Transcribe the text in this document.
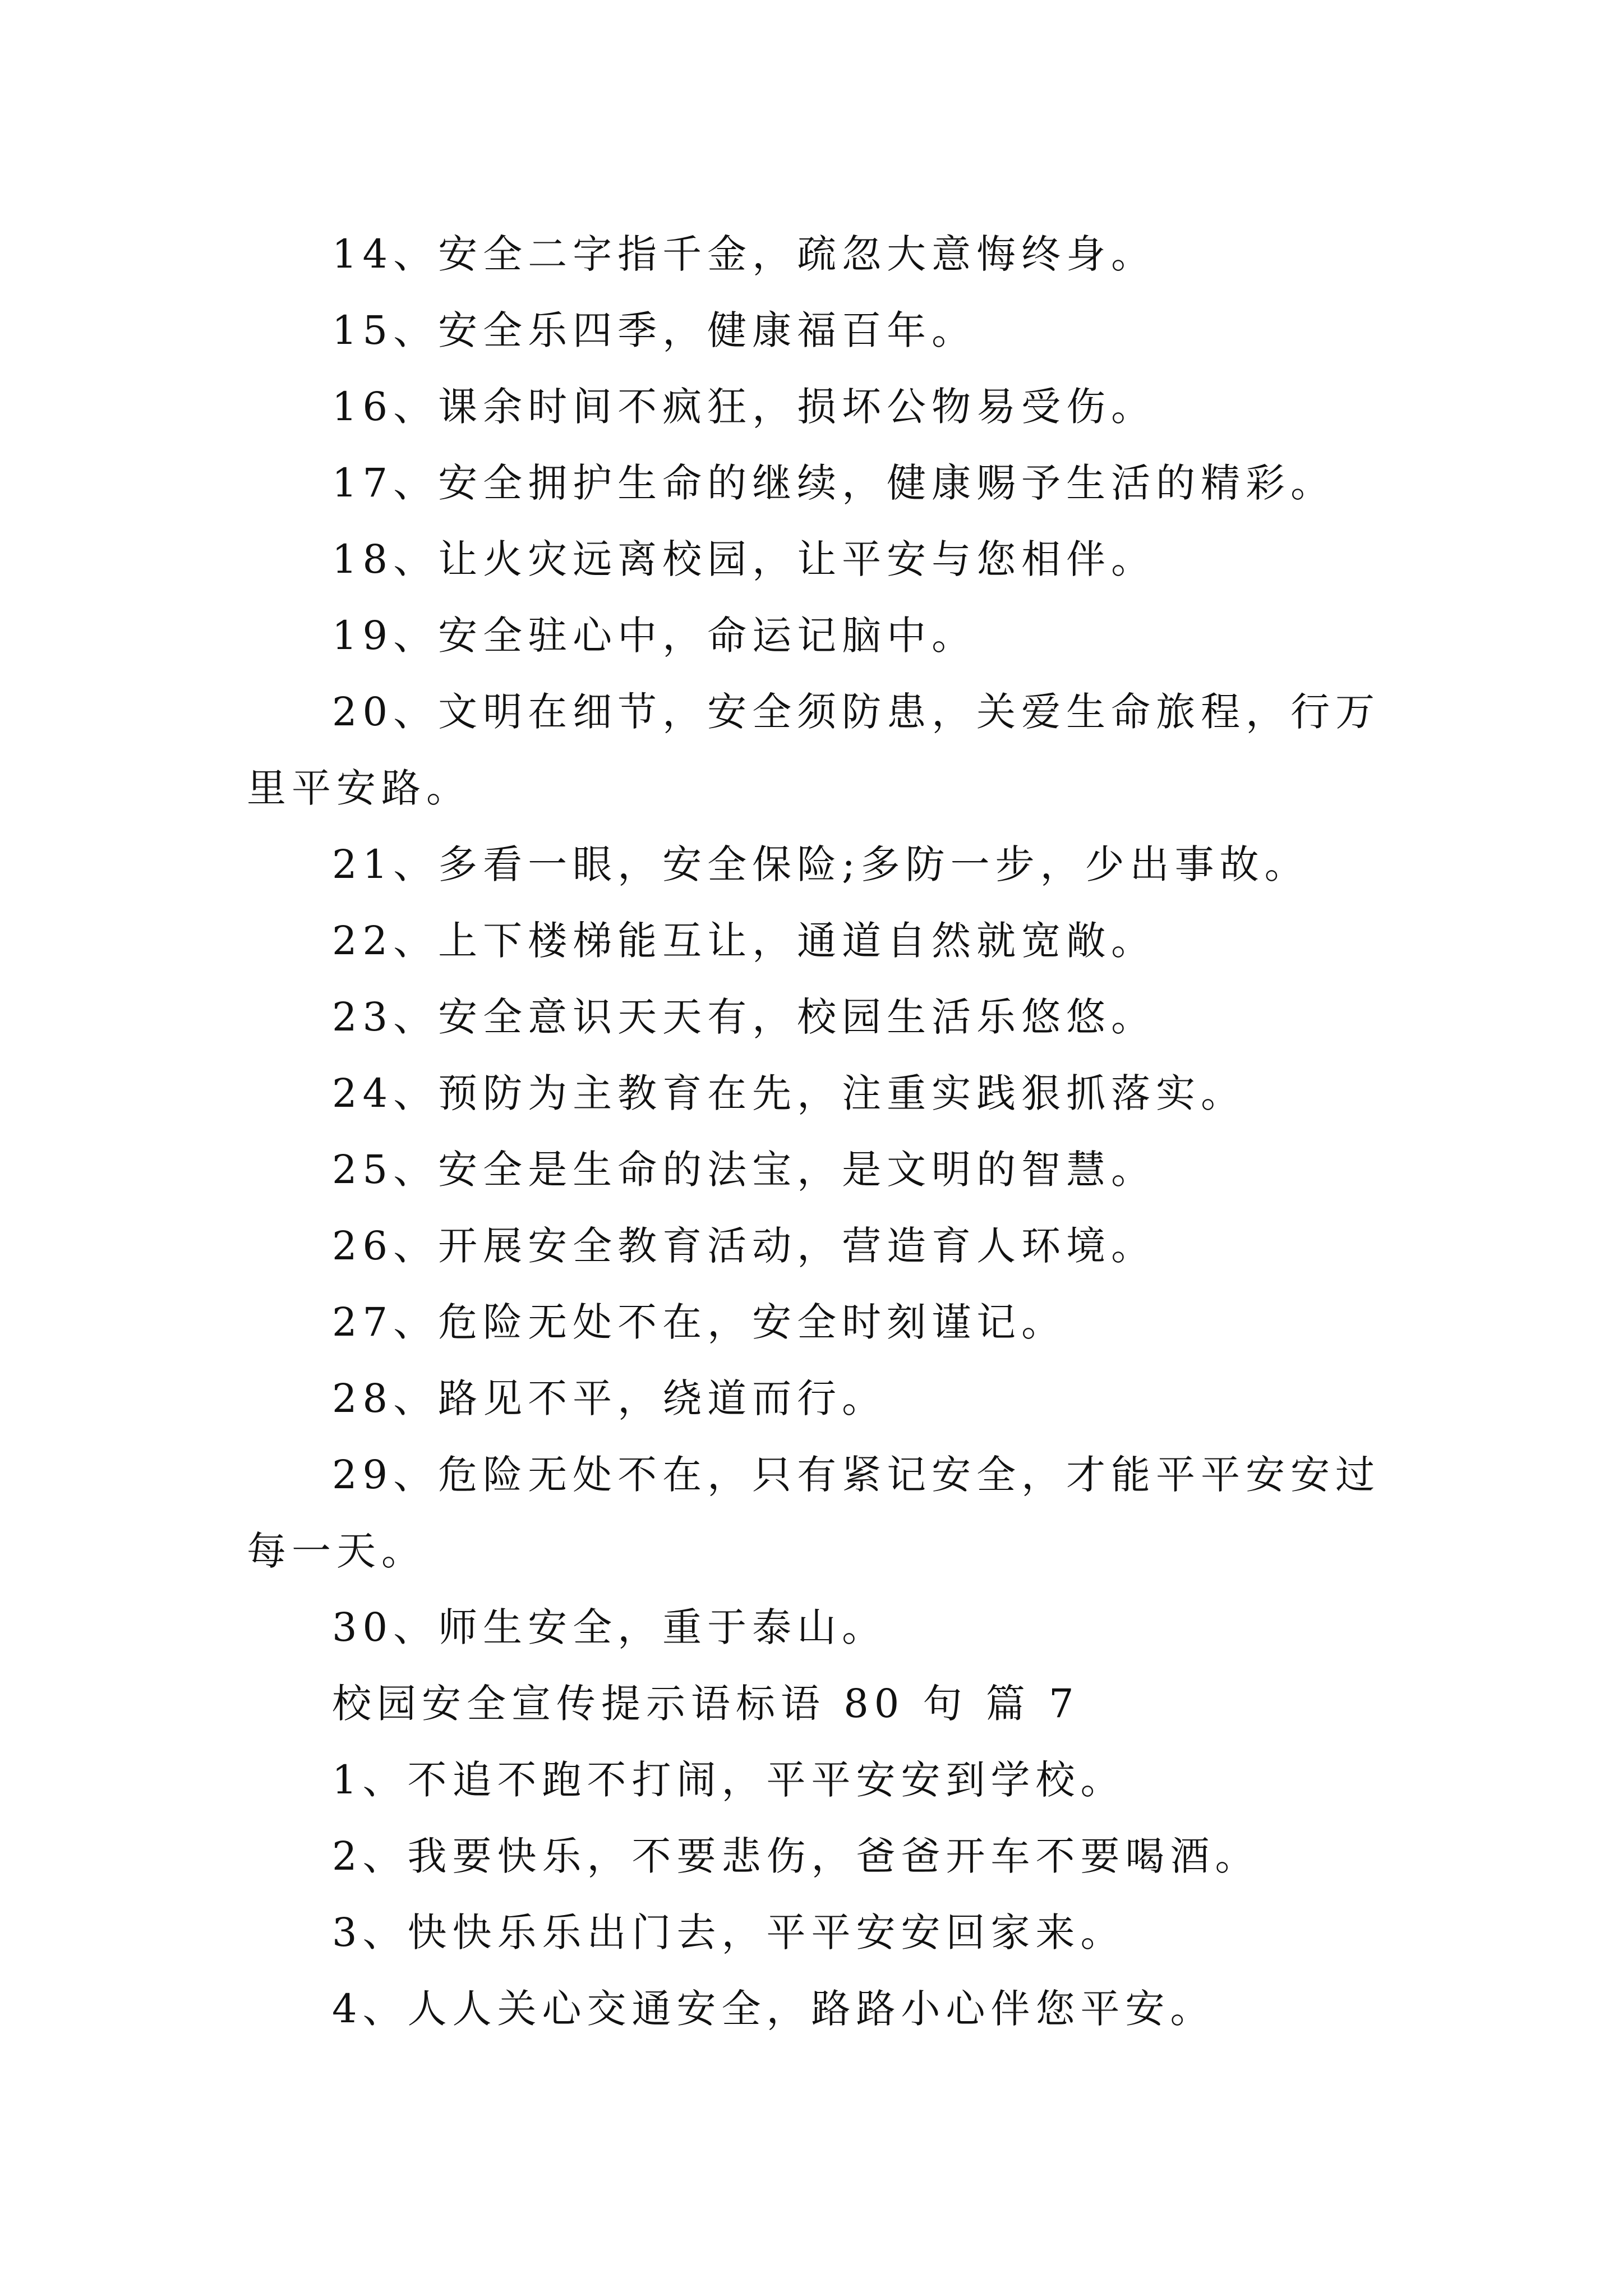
14、安全二字指千金，疏忽大意悔终身。

15、安全乐四季，健康福百年。

16、课余时间不疯狂，损坏公物易受伤。

17、安全拥护生命的继续，健康赐予生活的精彩。

18、让火灾远离校园，让平安与您相伴。

19、安全驻心中，命运记脑中。

20、文明在细节，安全须防患，关爱生命旅程，行万里平安路。

21、多看一眼，安全保险;多防一步，少出事故。

22、上下楼梯能互让，通道自然就宽敞。

23、安全意识天天有，校园生活乐悠悠。

24、预防为主教育在先，注重实践狠抓落实。

25、安全是生命的法宝，是文明的智慧。

26、开展安全教育活动，营造育人环境。

27、危险无处不在，安全时刻谨记。

28、路见不平，绕道而行。

29、危险无处不在，只有紧记安全，才能平平安安过每一天。

30、师生安全，重于泰山。

校园安全宣传提示语标语 80 句 篇 7

1、不追不跑不打闹，平平安安到学校。

2、我要快乐，不要悲伤，爸爸开车不要喝酒。

3、快快乐乐出门去，平平安安回家来。

4、人人关心交通安全，路路小心伴您平安。
